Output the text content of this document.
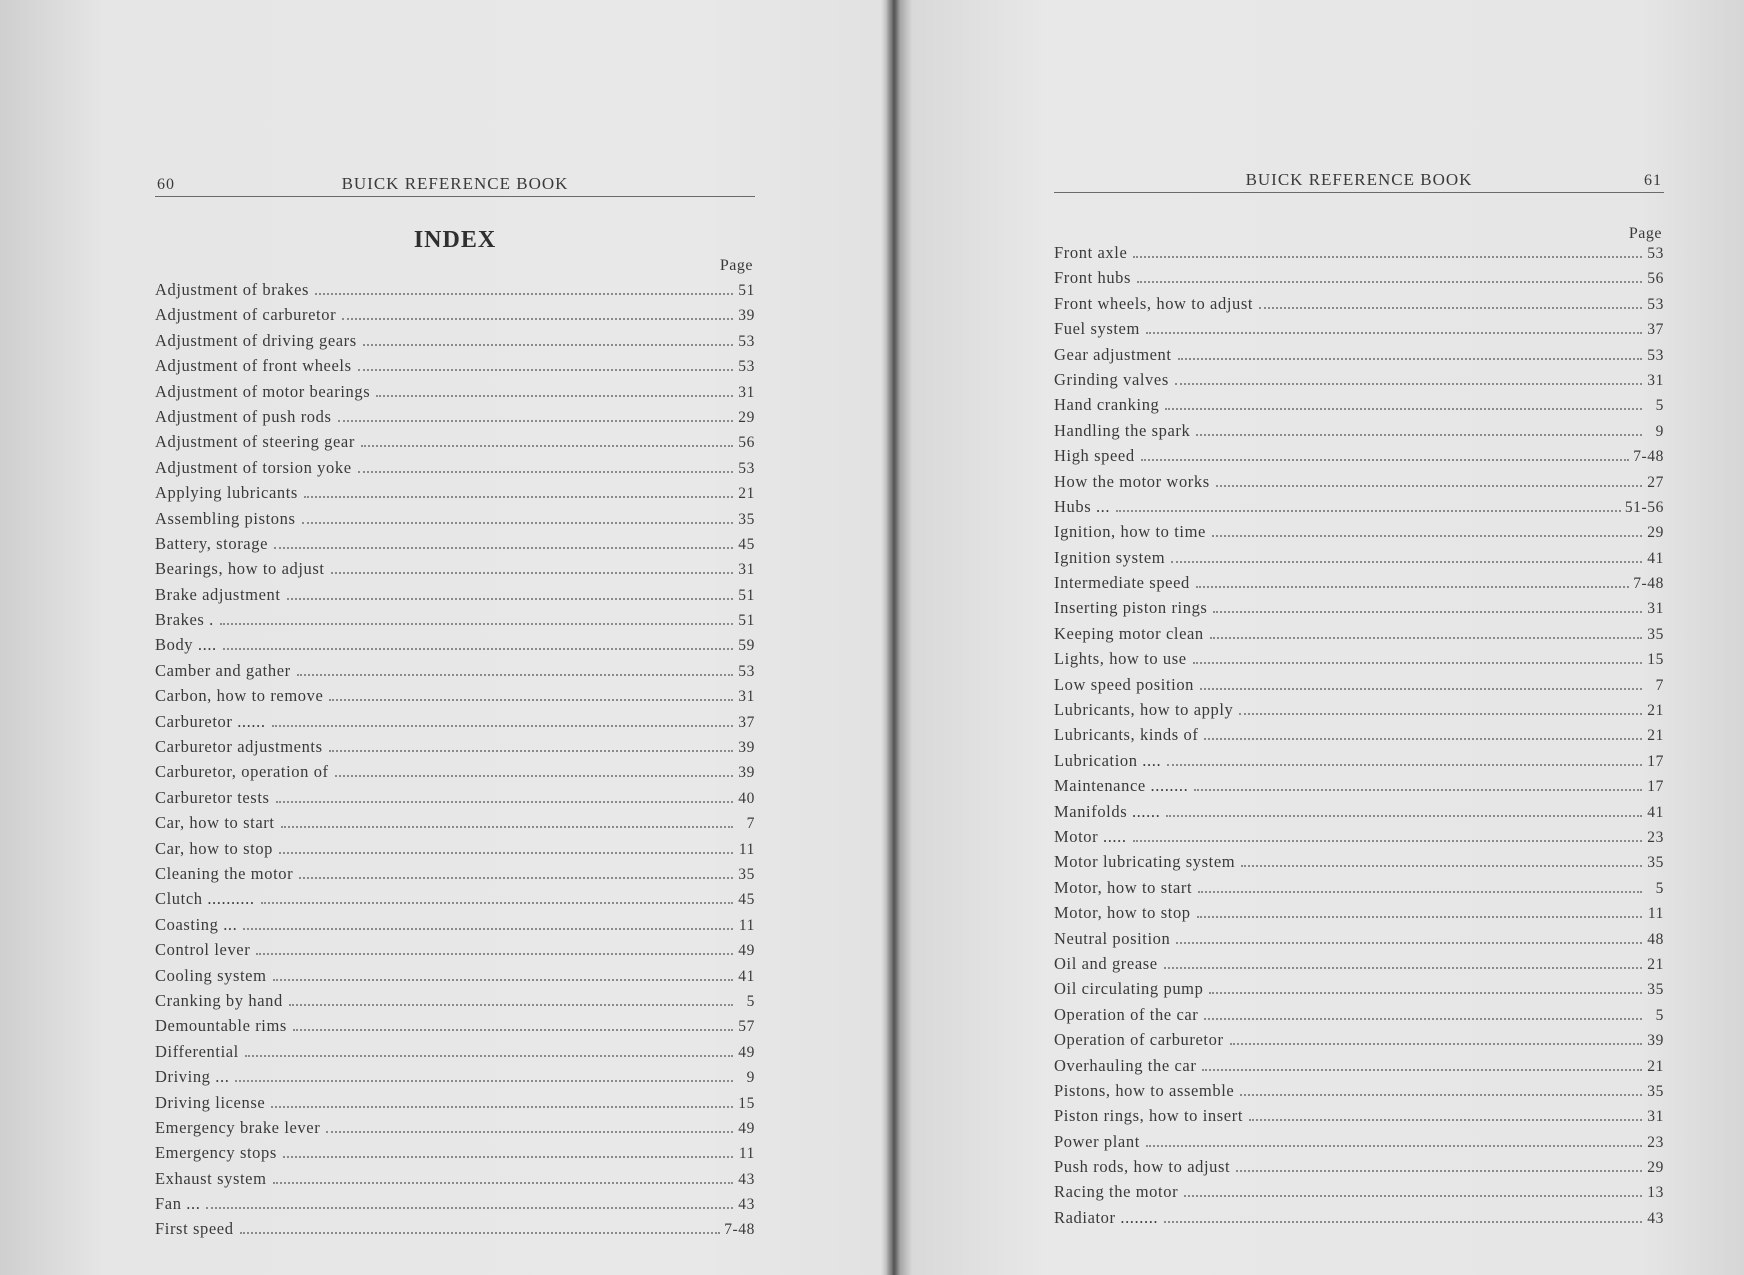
60	BUICK REFERENCE BOOK
INDEX
Page
Adjustment of brakes	51
Adjustment of carburetor	39
Adjustment of driving gears	53
Adjustment of front wheels	53
Adjustment of motor bearings	31
Adjustment of push rods	29
Adjustment of steering gear	56
Adjustment of torsion yoke	53
Applying lubricants	21
Assembling pistons	35
Battery, storage	45
Bearings, how to adjust	31
Brake adjustment	51
Brakes .	51
Body ....	59
Camber and gather	53
Carbon, how to remove	31
Carburetor ......	37
Carburetor adjustments	39
Carburetor, operation of	39
Carburetor tests	40
Car, how to start	7
Car, how to stop	11
Cleaning the motor	35
Clutch ..........	45
Coasting ...	11
Control lever	49
Cooling system	41
Cranking by hand	5
Demountable rims	57
Differential	49
Driving ...	9
Driving license	15
Emergency brake lever	49
Emergency stops	11
Exhaust system	43
Fan ...	43
First speed	7-48
BUICK REFERENCE BOOK	61
Page
Front axle	53
Front hubs	56
Front wheels, how to adjust	53
Fuel system	37
Gear adjustment	53
Grinding valves	31
Hand cranking	5
Handling the spark	9
High speed	7-48
How the motor works	27
Hubs ...	51-56
Ignition, how to time	29
Ignition system	41
Intermediate speed	7-48
Inserting piston rings	31
Keeping motor clean	35
Lights, how to use	15
Low speed position	7
Lubricants, how to apply	21
Lubricants, kinds of	21
Lubrication ....	17
Maintenance ........	17
Manifolds ......	41
Motor .....	23
Motor lubricating system	35
Motor, how to start	5
Motor, how to stop	11
Neutral position	48
Oil and grease	21
Oil circulating pump	35
Operation of the car	5
Operation of carburetor	39
Overhauling the car	21
Pistons, how to assemble	35
Piston rings, how to insert	31
Power plant	23
Push rods, how to adjust	29
Racing the motor	13
Radiator ........	43
